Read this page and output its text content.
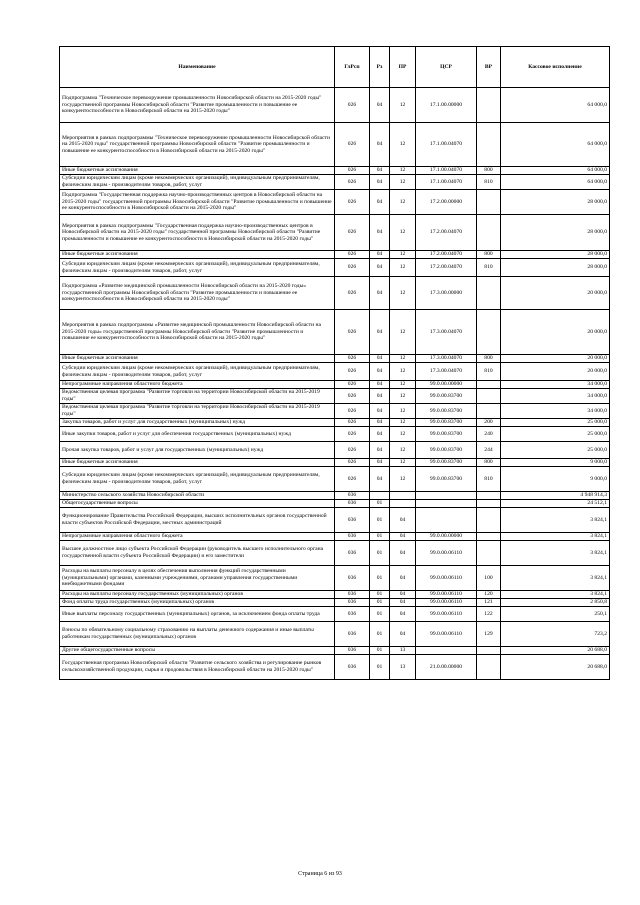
Наименование	ГлРсп	Рз	ПР	ЦСР	ВР	Кассовое исполнение
Подпрограмма "Техническое перевооружение промышленности Новосибирской области на 2015-2020 годы" государственной программы Новосибирской области "Развитие промышленности и повышение ее конкурентоспособности в Новосибирской области на 2015-2020 годы"	026	04	12	17.1.00.00000		64 000,0
Мероприятия в рамках подпрограммы "Техническое перевооружение промышленности Новосибирской области на 2015-2020 годы" государственной программы Новосибирской области "Развитие промышленности и повышение ее конкурентоспособности в Новосибирской области на 2015-2020 годы"	026	04	12	17.1.00.04070		64 000,0
Иные бюджетные ассигнования	026	04	12	17.1.00.04070	800	64 000,0
Субсидии юридическим лицам (кроме некоммерческих организаций), индивидуальным предпринимателям, физическим лицам - производителям товаров, работ, услуг	026	04	12	17.1.00.04070	810	64 000,0
Подпрограмма "Государственная поддержка научно-производственных центров в Новосибирской области на 2015-2020 годы" государственной программы Новосибирской области "Развитие промышленности и повышение ее конкурентоспособности в Новосибирской области на 2015-2020 годы"	026	04	12	17.2.00.00000		28 000,0
Мероприятия в рамках подпрограммы "Государственная поддержка научно-производственных центров в Новосибирской области на 2015-2020 годы" государственной программы Новосибирской области "Развитие промышленности и повышение ее конкурентоспособности в Новосибирской области на 2015-2020 годы"	026	04	12	17.2.00.04070		28 000,0
Иные бюджетные ассигнования	026	04	12	17.2.00.04070	800	28 000,0
Субсидии юридическим лицам (кроме некоммерческих организаций), индивидуальным предпринимателям, физическим лицам - производителям товаров, работ, услуг	026	04	12	17.2.00.04070	810	28 000,0
Подпрограмма «Развитие медицинской промышленности Новосибирской области на 2015-2020 годы» государственной программы Новосибирской области "Развитие промышленности и повышение ее конкурентоспособности в Новосибирской области на 2015-2020 годы"	026	04	12	17.3.00.00000		20 000,0
Мероприятия в рамках подпрограммы «Развитие медицинской промышленности Новосибирской области на 2015-2020 годы» государственной программы Новосибирской области "Развитие промышленности и повышение ее конкурентоспособности в Новосибирской области на 2015-2020 годы"	026	04	12	17.3.00.04070		20 000,0
Иные бюджетные ассигнования	026	04	12	17.3.00.04070	800	20 000,0
Субсидии юридическим лицам (кроме некоммерческих организаций), индивидуальным предпринимателям, физическим лицам - производителям товаров, работ, услуг	026	04	12	17.3.00.04070	810	20 000,0
Непрограммные направления областного бюджета	026	04	12	99.0.00.00000		34 000,0
Ведомственная целевая программа "Развитие торговли на территории Новосибирской области на 2015-2019 годы"	026	04	12	99.0.00.83700		34 000,0
Ведомственная целевая программа "Развитие торговли на территории Новосибирской области на 2015-2019 годы"	026	04	12	99.0.00.83700		34 000,0
Закупка товаров, работ и услуг для государственных (муниципальных) нужд	026	04	12	99.0.00.83700	200	25 000,0
Иные закупки товаров, работ и услуг для обеспечения государственных (муниципальных) нужд	026	04	12	99.0.00.83700	240	25 000,0
Прочая закупка товаров, работ и услуг для государственных (муниципальных) нужд	026	04	12	99.0.00.83700	244	25 000,0
Иные бюджетные ассигнования	026	04	12	99.0.00.83700	800	9 000,0
Субсидии юридическим лицам (кроме некоммерческих организаций), индивидуальным предпринимателям, физическим лицам - производителям товаров, работ, услуг	026	04	12	99.0.00.83700	810	9 000,0
Министерство сельского хозяйства Новосибирской области	036					4 948 914,3
Общегосударственные вопросы	036	01				24 512,1
Функционирование Правительства Российской Федерации, высших исполнительных органов государственной власти субъектов Российской Федерации, местных администраций	036	01	04			3 824,1
Непрограммные направления областного бюджета	036	01	04	99.0.00.00000		3 824,1
Высшее должностное лицо субъекта Российской Федерации (руководитель высшего исполнительного органа государственной власти субъекта Российской Федерации) и его заместители	036	01	04	99.0.00.06110		3 824,1
Расходы на выплаты персоналу в целях обеспечения выполнения функций государственными (муниципальными) органами, казенными учреждениями, органами управления государственными внебюджетными фондами	036	01	04	99.0.00.06110	100	3 824,1
Расходы на выплаты персоналу государственных (муниципальных) органов	036	01	04	99.0.00.06110	120	3 824,1
Фонд оплаты труда государственных (муниципальных) органов	036	01	04	99.0.00.06110	121	2 850,8
Иные выплаты персоналу государственных (муниципальных) органов, за исключением фонда оплаты труда	036	01	04	99.0.00.06110	122	250,1
Взносы по обязательному социальному страхованию на выплаты денежного содержания и иные выплаты работникам государственных (муниципальных) органов	036	01	04	99.0.00.06110	129	723,2
Другие общегосударственные вопросы	036	01	13			20 688,0
Государственная программа Новосибирской области "Развитие сельского хозяйства и регулирование рынков сельскохозяйственной продукции, сырья и продовольствия в Новосибирской области на 2015-2020 годы"	036	01	13	21.0.00.00000		20 688,0
Страница 6 из 93
